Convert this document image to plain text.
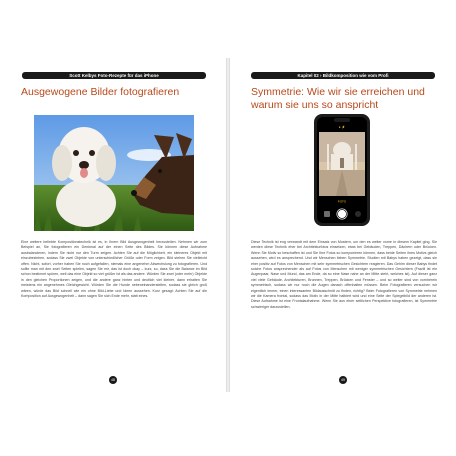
Scott Kelbys Foto-Rezepte für das iPhone
Ausgewogene Bilder fotografieren
Eine weitere beliebte Kompositionstechnik ist es, in Ihrem Bild Ausgewogenheit herzustellen. Nehmen wir zum Beispiel an, Sie fotografieren ein Denkmal auf der einen Seite des Bildes. Sie können diese Aufnahme ausbalancieren, indem Sie nicht nur den Turm zeigen. Achten Sie auf die Möglichkeit, ein kleineres Objekt mit einzubeziehen, sodass Sie zwei Objekte von unterschiedlicher Größe oder Form zeigen. Bild stehen Sie vielleicht offen. Nicht, sofort, vorher haben Sie noch aufgefallen, niemals eine angenehm Abwechslung zu fotografieren. Und sollte man mit den zwei Seiten spielen, sagen Sie mir, das ist doch okay – kurz, so, dass Sie die Balance im Bild schon bestimmt spüren, weil das eine Objekt so viel größer ist als das andere. Würden Sie zwei (oder mehr) Objekte in den gleichen Proportionen zeigen, und die andere ganz hinten und deutlich viel kleiner, dann erhalten Sie meistens ein angenehmes Gleichgewicht. Würden Sie die Hunde nebeneinanderstellen, sodass sie gleich groß wären, würde das Bild schnell wie ein ohne Bild-Liebe und Ideen aussehen. Kurz gesagt: Achten Sie auf die Komposition auf Ausgewogenheit – dann sagen Sie sich Ende mehr, statt eines.
48
Kapitel 02 › Bildkomposition wie vom Profi
Symmetrie: Wie wir sie erreichen und warum sie uns so anspricht
Diese Technik ist eng verwandt mit dem Einsatz von Mustern, um den es weiter vorne in diesem Kapitel ging. Sie werden diese Technik eher bei Architekturfotos einsetzen, etwa bei Gebäuden, Treppen, Dächern oder Brücken. Wenn Sie Motiv so beschaffen ist und Sie Ihre Fotos so komponieren können, dass beide Seiten ihres Motivs gleich aussehen, wird es ansprechend. Und wir Menschen lieben Symmetrie. Studien mit Babys haben gezeigt, dass sie eher positiv auf Fotos von Menschen mit sehr symmetrischen Gesichtern reagieren. Das Gehirn dieser Babys findet solche Fotos ansprechender als auf Fotos von Menschen mit weniger symmetrischen Gesichtern (Frazili ist ein Augenpaar, Nase und Mund, das am Ende, da so eine Nase nahe an der Mitte steht, welches ist). Auf dieser ganz viel viele Gebäude, Architekturen, Brunnen, Treppen, Brücken und Fenster – und so weiter sind von vornherein symmetrisch, sodass wir nur noch die Augen danach offenhalten müssen. Beim Fotografieren versuchen wir eigentlich immer, einen interessanten Bildausschnitt zu finden, richtig? Beim Fotografieren von Symmetrie nehmen wir die Kamera frontal, sodass das Motiv in der Mitte halbiert wird und eine Seite der Spiegelbild der anderen ist. Diese Aufnahme ist eine Frontalaufnahme. Wenn Sie aus einer seitlichen Perspektive fotografieren, ist Symmetrie schwieriger darzustellen.
49
● ⚡
FOTO
